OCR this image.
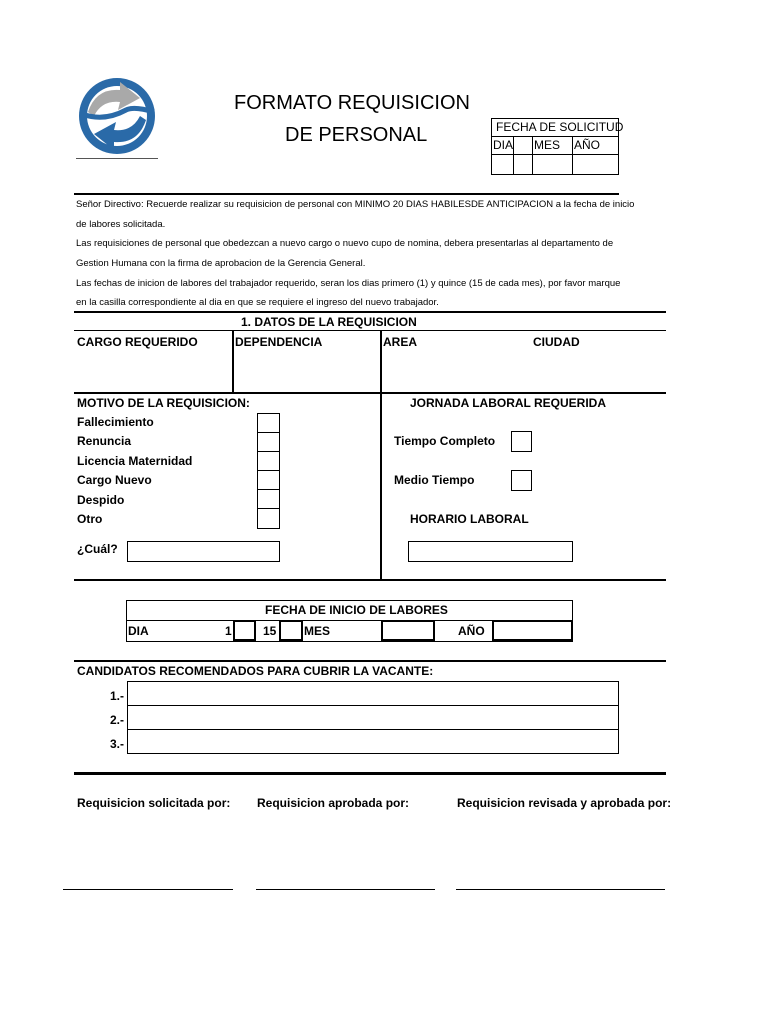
FORMATO REQUISICION
DE PERSONAL	FECHA DE SOLICITUD
DIA MES AÑO
Señor Directivo: Recuerde realizar su requisicion de personal con MINIMO 20 DIAS HABILESDE ANTICIPACION a la fecha de inicio
de labores solicitada.
Las requisiciones de personal que obedezcan a nuevo cargo o nuevo cupo de nomina, debera presentarlas al departamento de
Gestion Humana con la firma de aprobacion de la Gerencia General.
Las fechas de inicion de labores del trabajador requerido, seran los dias primero (1) y quince (15 de cada mes), por favor marque
en la casilla correspondiente al dia en que se requiere el ingreso del nuevo trabajador.
1. DATOS DE LA REQUISICION
CARGO REQUERIDO	DEPENDENCIA	AREA	CIUDAD
MOTIVO DE LA REQUISICION:
Fallecimiento
Renuncia
Licencia Maternidad
Cargo Nuevo
Despido
Otro
¿Cuál?
JORNADA LABORAL REQUERIDA
Tiempo Completo
Medio Tiempo
HORARIO LABORAL
FECHA DE INICIO DE LABORES
DIA	1	15 MES	AÑO
CANDIDATOS RECOMENDADOS PARA CUBRIR LA VACANTE:
1.-
2.-
3.-
Requisicion solicitada por: Requisicion aprobada por:	Requisicion revisada y aprobada por:
